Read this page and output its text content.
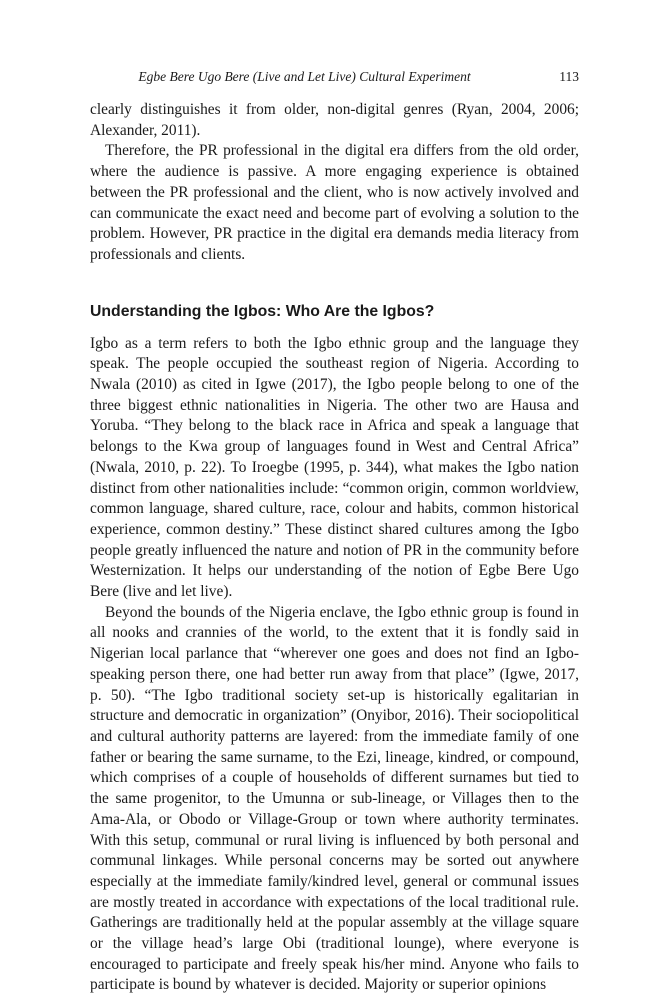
Egbe Bere Ugo Bere (Live and Let Live) Cultural Experiment	113

clearly distinguishes it from older, non-digital genres (Ryan, 2004, 2006; Alexander, 2011).

Therefore, the PR professional in the digital era differs from the old order, where the audience is passive. A more engaging experience is obtained between the PR professional and the client, who is now actively involved and can communicate the exact need and become part of evolving a solution to the problem. However, PR practice in the digital era demands media literacy from professionals and clients.

Understanding the Igbos: Who Are the Igbos?

Igbo as a term refers to both the Igbo ethnic group and the language they speak. The people occupied the southeast region of Nigeria. According to Nwala (2010) as cited in Igwe (2017), the Igbo people belong to one of the three biggest ethnic nationalities in Nigeria. The other two are Hausa and Yoruba. “They belong to the black race in Africa and speak a language that belongs to the Kwa group of languages found in West and Central Africa” (Nwala, 2010, p. 22). To Iroegbe (1995, p. 344), what makes the Igbo nation distinct from other nationalities include: “common origin, common worldview, common language, shared culture, race, colour and habits, common historical experience, common destiny.” These distinct shared cultures among the Igbo people greatly influenced the nature and notion of PR in the community before Westernization. It helps our understanding of the notion of Egbe Bere Ugo Bere (live and let live).

Beyond the bounds of the Nigeria enclave, the Igbo ethnic group is found in all nooks and crannies of the world, to the extent that it is fondly said in Nigerian local parlance that “wherever one goes and does not find an Igbo-speaking person there, one had better run away from that place” (Igwe, 2017, p. 50). “The Igbo traditional society set-up is historically egalitarian in structure and democratic in organization” (Onyibor, 2016). Their sociopolitical and cultural authority patterns are layered: from the immediate family of one father or bearing the same surname, to the Ezi, lineage, kindred, or compound, which comprises of a couple of households of different surnames but tied to the same progenitor, to the Umunna or sub-lineage, or Villages then to the Ama-Ala, or Obodo or Village-Group or town where authority terminates. With this setup, communal or rural living is influenced by both personal and communal linkages. While personal concerns may be sorted out anywhere especially at the immediate family/kindred level, general or communal issues are mostly treated in accordance with expectations of the local traditional rule. Gatherings are traditionally held at the popular assembly at the village square or the village head’s large Obi (traditional lounge), where everyone is encouraged to participate and freely speak his/her mind. Anyone who fails to participate is bound by whatever is decided. Majority or superior opinions
